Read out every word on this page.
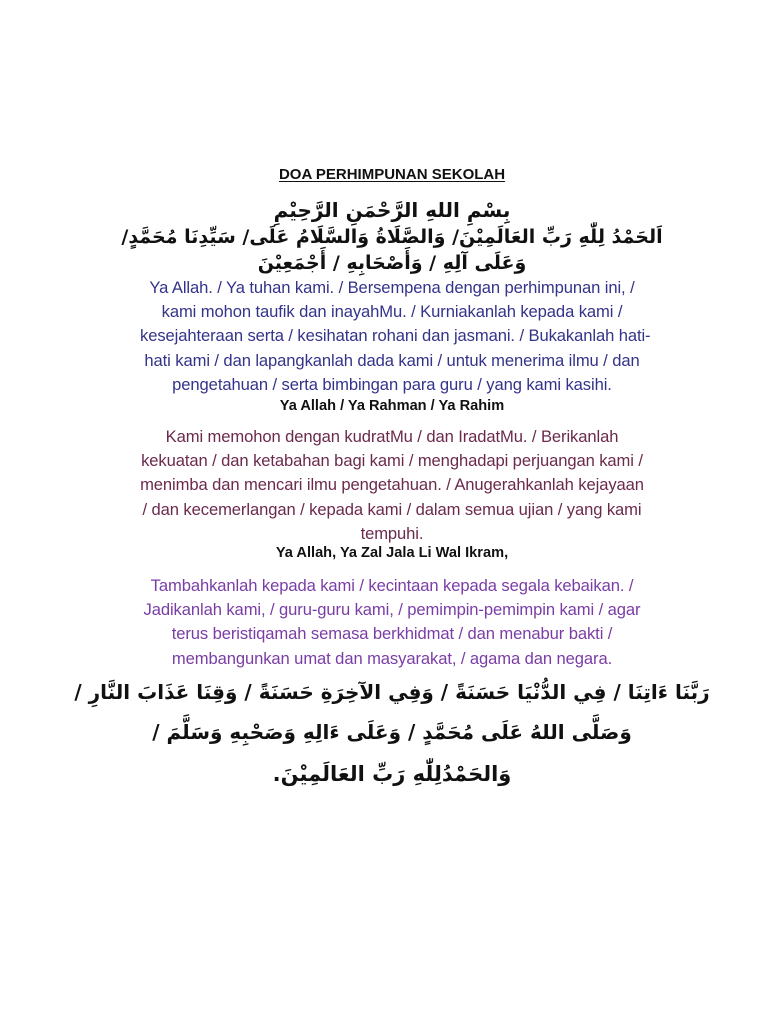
DOA PERHIMPUNAN SEKOLAH
بِسْمِ اللهِ الرَّحْمَنِ الرَّحِيْمِ
اَلحَمْدُ لِلّٰهِ رَبِّ العَالَمِيْنَ/ وَالصَّلَاةُ وَالسَّلَامُ عَلَى/ سَيِّدِنَا مُحَمَّدٍ/
وَعَلَى آلِهِ / وَأَصْحَابِهِ / أَجْمَعِيْنَ
Ya Allah. / Ya tuhan kami. / Bersempena dengan perhimpunan ini, /
kami mohon taufik dan inayahMu. / Kurniakanlah kepada kami /
kesejahteraan serta / kesihatan rohani dan jasmani. / Bukakanlah hati-
hati kami / dan lapangkanlah dada kami / untuk menerima ilmu / dan
pengetahuan / serta bimbingan para guru / yang kami kasihi.
Ya Allah / Ya Rahman / Ya Rahim
Kami memohon dengan kudratMu / dan IradatMu. / Berikanlah
kekuatan / dan ketabahan bagi kami / menghadapi perjuangan kami /
menimba dan mencari ilmu pengetahuan. / Anugerahkanlah kejayaan
/ dan kecemerlangan / kepada kami / dalam semua ujian / yang kami
tempuhi.
Ya Allah, Ya Zal Jala Li Wal Ikram,
Tambahkanlah kepada kami / kecintaan kepada segala kebaikan. /
Jadikanlah kami, / guru-guru kami, / pemimpin-pemimpin kami / agar
terus beristiqamah semasa berkhidmat / dan menabur bakti /
membangunkan umat dan masyarakat, / agama dan negara.
رَبَّنَا ءَاتِنَا / فِي الدُّنْيَا حَسَنَةً / وَفِي الآخِرَةِ حَسَنَةً / وَقِنَا عَذَابَ النَّارِ /
وَصَلَّى اللهُ عَلَى مُحَمَّدٍ / وَعَلَى ءَالِهِ وَصَحْبِهِ وَسَلَّمَ /
وَالحَمْدُلِلّٰهِ رَبِّ العَالَمِيْنَ.
